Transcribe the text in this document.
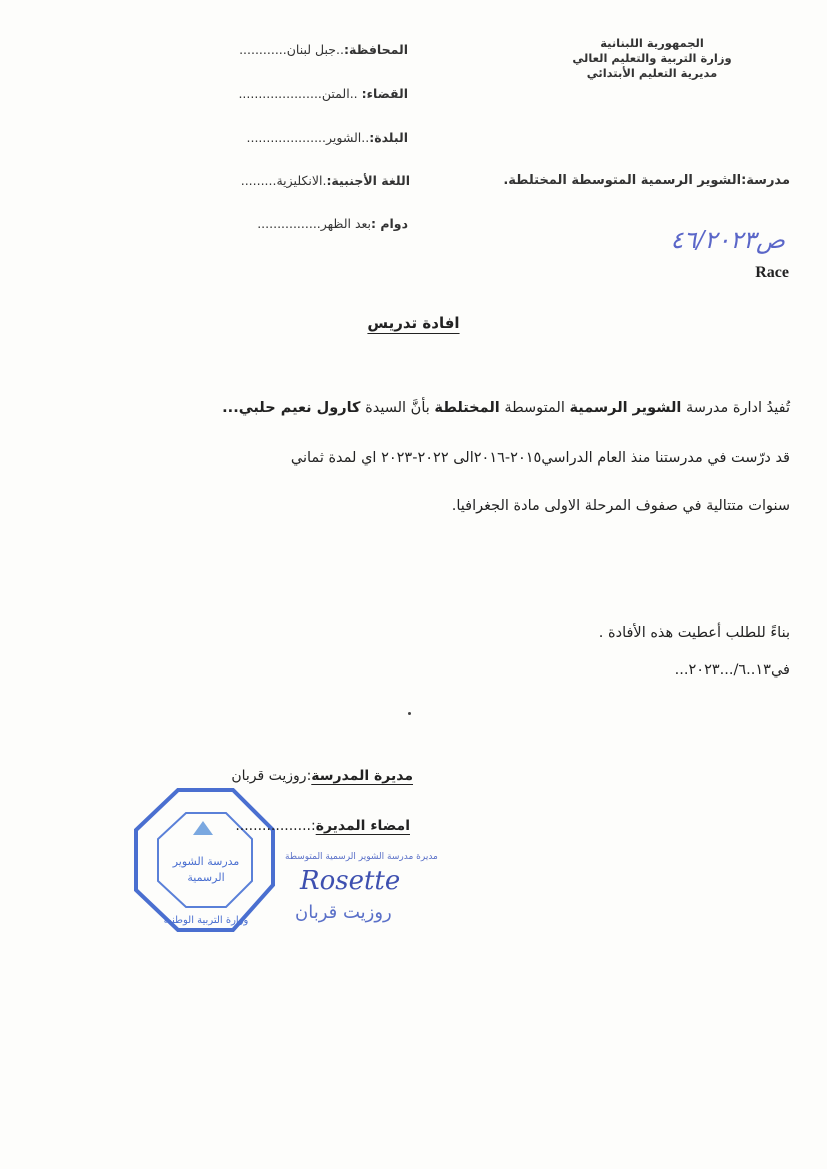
الجمهورية اللبنانية
وزارة التربية والتعليم العالي
مديرية التعليم الأبتدائي
المحافظة:..جبل لبنان............
القضاء: ..المتن.....................
البلدة:..الشوير....................
اللغة الأجنبية:.الانكليزية.........
دوام :بعد الظهر................
مدرسة:الشوير الرسمية المتوسطة المختلطة.
ص٤٦/٢٠٢٣
Race
افادة تدريس
تُفيدُ ادارة مدرسة الشوير الرسمية المتوسطة المختلطة بأنَّ السيدة كارول نعيم حلبي...
قد درّست في مدرستنا منذ العام الدراسي٢٠١٥-٢٠١٦الى ٢٠٢٢-٢٠٢٣ اي لمدة ثماني
سنوات متتالية في صفوف المرحلة الاولى مادة الجغرافيا.
بناءً للطلب أعطيت هذه الأفادة .
في١٣..٦/...٢٠٢٣...
مدرسة الشوير
الرسمية
وزارة التربية الوطنية
مديرة المدرسة:روزيت قربان
امضاء المديرة:.................
مديرة مدرسة الشوير الرسمية المتوسطة
Rosette
روزيت قربان
